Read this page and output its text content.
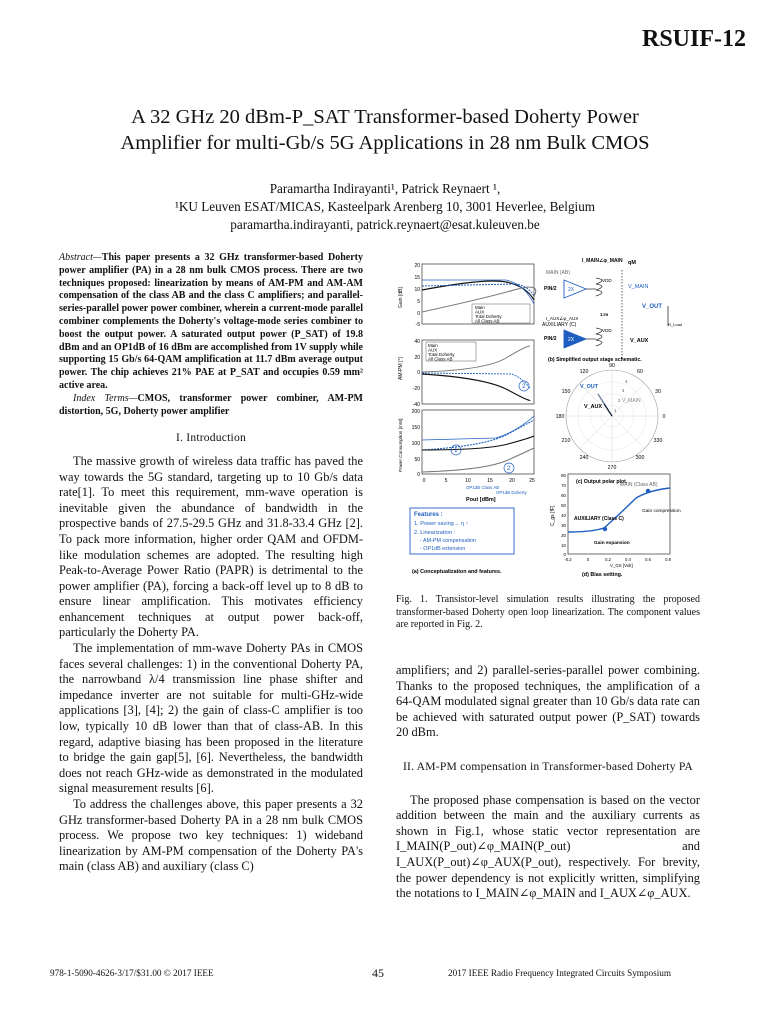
RSUIF-12
A 32 GHz 20 dBm-P_SAT Transformer-based Doherty Power
Amplifier for multi-Gb/s 5G Applications in 28 nm Bulk CMOS
Paramartha Indirayanti¹, Patrick Reynaert ¹,
¹KU Leuven ESAT/MICAS, Kasteelpark Arenberg 10, 3001 Heverlee, Belgium
paramartha.indirayanti, patrick.reynaert@esat.kuleuven.be

Abstract—This paper presents a 32 GHz transformer-based Doherty power amplifier (PA) in a 28 nm bulk CMOS process. There are two techniques proposed: linearization by means of AM-PM and AM-AM compensation of the class AB and the class C amplifiers; and parallel-series-parallel power power combiner, wherein a current-mode parallel combiner complements the Doherty's voltage-mode series combiner to boost the output power. A saturated output power (P_SAT) of 19.8 dBm and an OP1dB of 16 dBm are accomplished from 1V supply while supporting 15 Gb/s 64-QAM amplification at 11.7 dBm average output power. The chip achieves 21% PAE at P_SAT and occupies 0.59 mm² active area.

Index Terms—CMOS, transformer power combiner, AM-PM distortion, 5G, Doherty power amplifier

I. Introduction

The massive growth of wireless data traffic has paved the way towards the 5G standard, targeting up to 10 Gb/s data rate[1]. To meet this requirement, mm-wave operation is inevitable given the abundance of bandwidth in the prospective bands of 27.5-29.5 GHz and 31.8-33.4 GHz [2]. To pack more information, higher order QAM and OFDM-like modulation schemes are adopted. The resulting high Peak-to-Average Power Ratio (PAPR) is detrimental to the power amplifier (PA), forcing a back-off level up to 8 dB to ensure linear amplification. This motivates efficiency enhancement techniques at output power back-off, particularly the Doherty PA.

The implementation of mm-wave Doherty PAs in CMOS faces several challenges: 1) in the conventional Doherty PA, the narrowband λ/4 transmission line phase shifter and impedance inverter are not suitable for multi-GHz-wide applications [3], [4]; 2) the gain of class-C amplifier is too low, typically 10 dB lower than that of class-AB. In this regard, adaptive biasing has been proposed in the literature to bridge the gain gap[5], [6]. Nevertheless, the bandwidth does not reach GHz-wide as demonstrated in the modulated signal measurement results [6].

To address the challenges above, this paper presents a 32 GHz transformer-based Doherty PA in a 28 nm bulk CMOS process. We propose two key techniques: 1) wideband linearization by AM-PM compensation of the Doherty PA's main (class AB) and auxiliary (class C)

Gain [dB]
20
15
10
5
0
-5
Main
AUX
Total Doherty
All Class AB
AM-PM [°]
40
20
0
-20
-40
2
Main
AUX
Total Doherty
All Class AB
Power Consumption [mW]
200
150
100
50
0
1
2
0	5	10	15	20	25
OP1dB Class AB
Pout [dBm]
OP1dB Doherty
Features :
1. Power saving→ η ↑
2. Linearization :
- AM-PM compensation
- OP1dB extension
(a) Conceptualization and features.
I_MAIN∠φ_MAIN qM
MAIN (AB)
PIN/2 2X
VDD
V_MAIN
V_OUT
R_Load
I_AUX∠φ_AUX
1:m
AUXILIARY (C)
VDD
PIN/2 2X	V_AUX
(b) Simplified output stage schematic.
90
60
30
0
330
300
270
240
210
180
150
120
1
2
3
4
V_OUT
V_MAIN
V_AUX
(c) Output polar plot.
C_gs [fF]
80
70
60
50
40
30
20
10
0
MAIN (Class AB)
Gain compression
AUXILIARY (Class C)
Gain expansion
-0.2	0	0.2	0.4	0.6	0.8
V_GS [Volt]
(d) Bias setting.
Fig. 1. Transistor-level simulation results illustrating the proposed transformer-based Doherty open loop linearization. The component values are reported in Fig. 2.

amplifiers; and 2) parallel-series-parallel power combining. Thanks to the proposed techniques, the amplification of a 64-QAM modulated signal greater than 10 Gb/s data rate can be achieved with saturated output power (P_SAT) towards 20 dBm.

II. AM-PM compensation in Transformer-based Doherty PA

The proposed phase compensation is based on the vector addition between the main and the auxiliary currents as shown in Fig.1, whose static vector representation are I_MAIN(P_out)∠φ_MAIN(P_out) and I_AUX(P_out)∠φ_AUX(P_out), respectively. For brevity, the power dependency is not explicitly written, simplifying the notations to I_MAIN∠φ_MAIN and I_AUX∠φ_AUX.

978-1-5090-4626-3/17/$31.00 © 2017 IEEE	45	2017 IEEE Radio Frequency Integrated Circuits Symposium
